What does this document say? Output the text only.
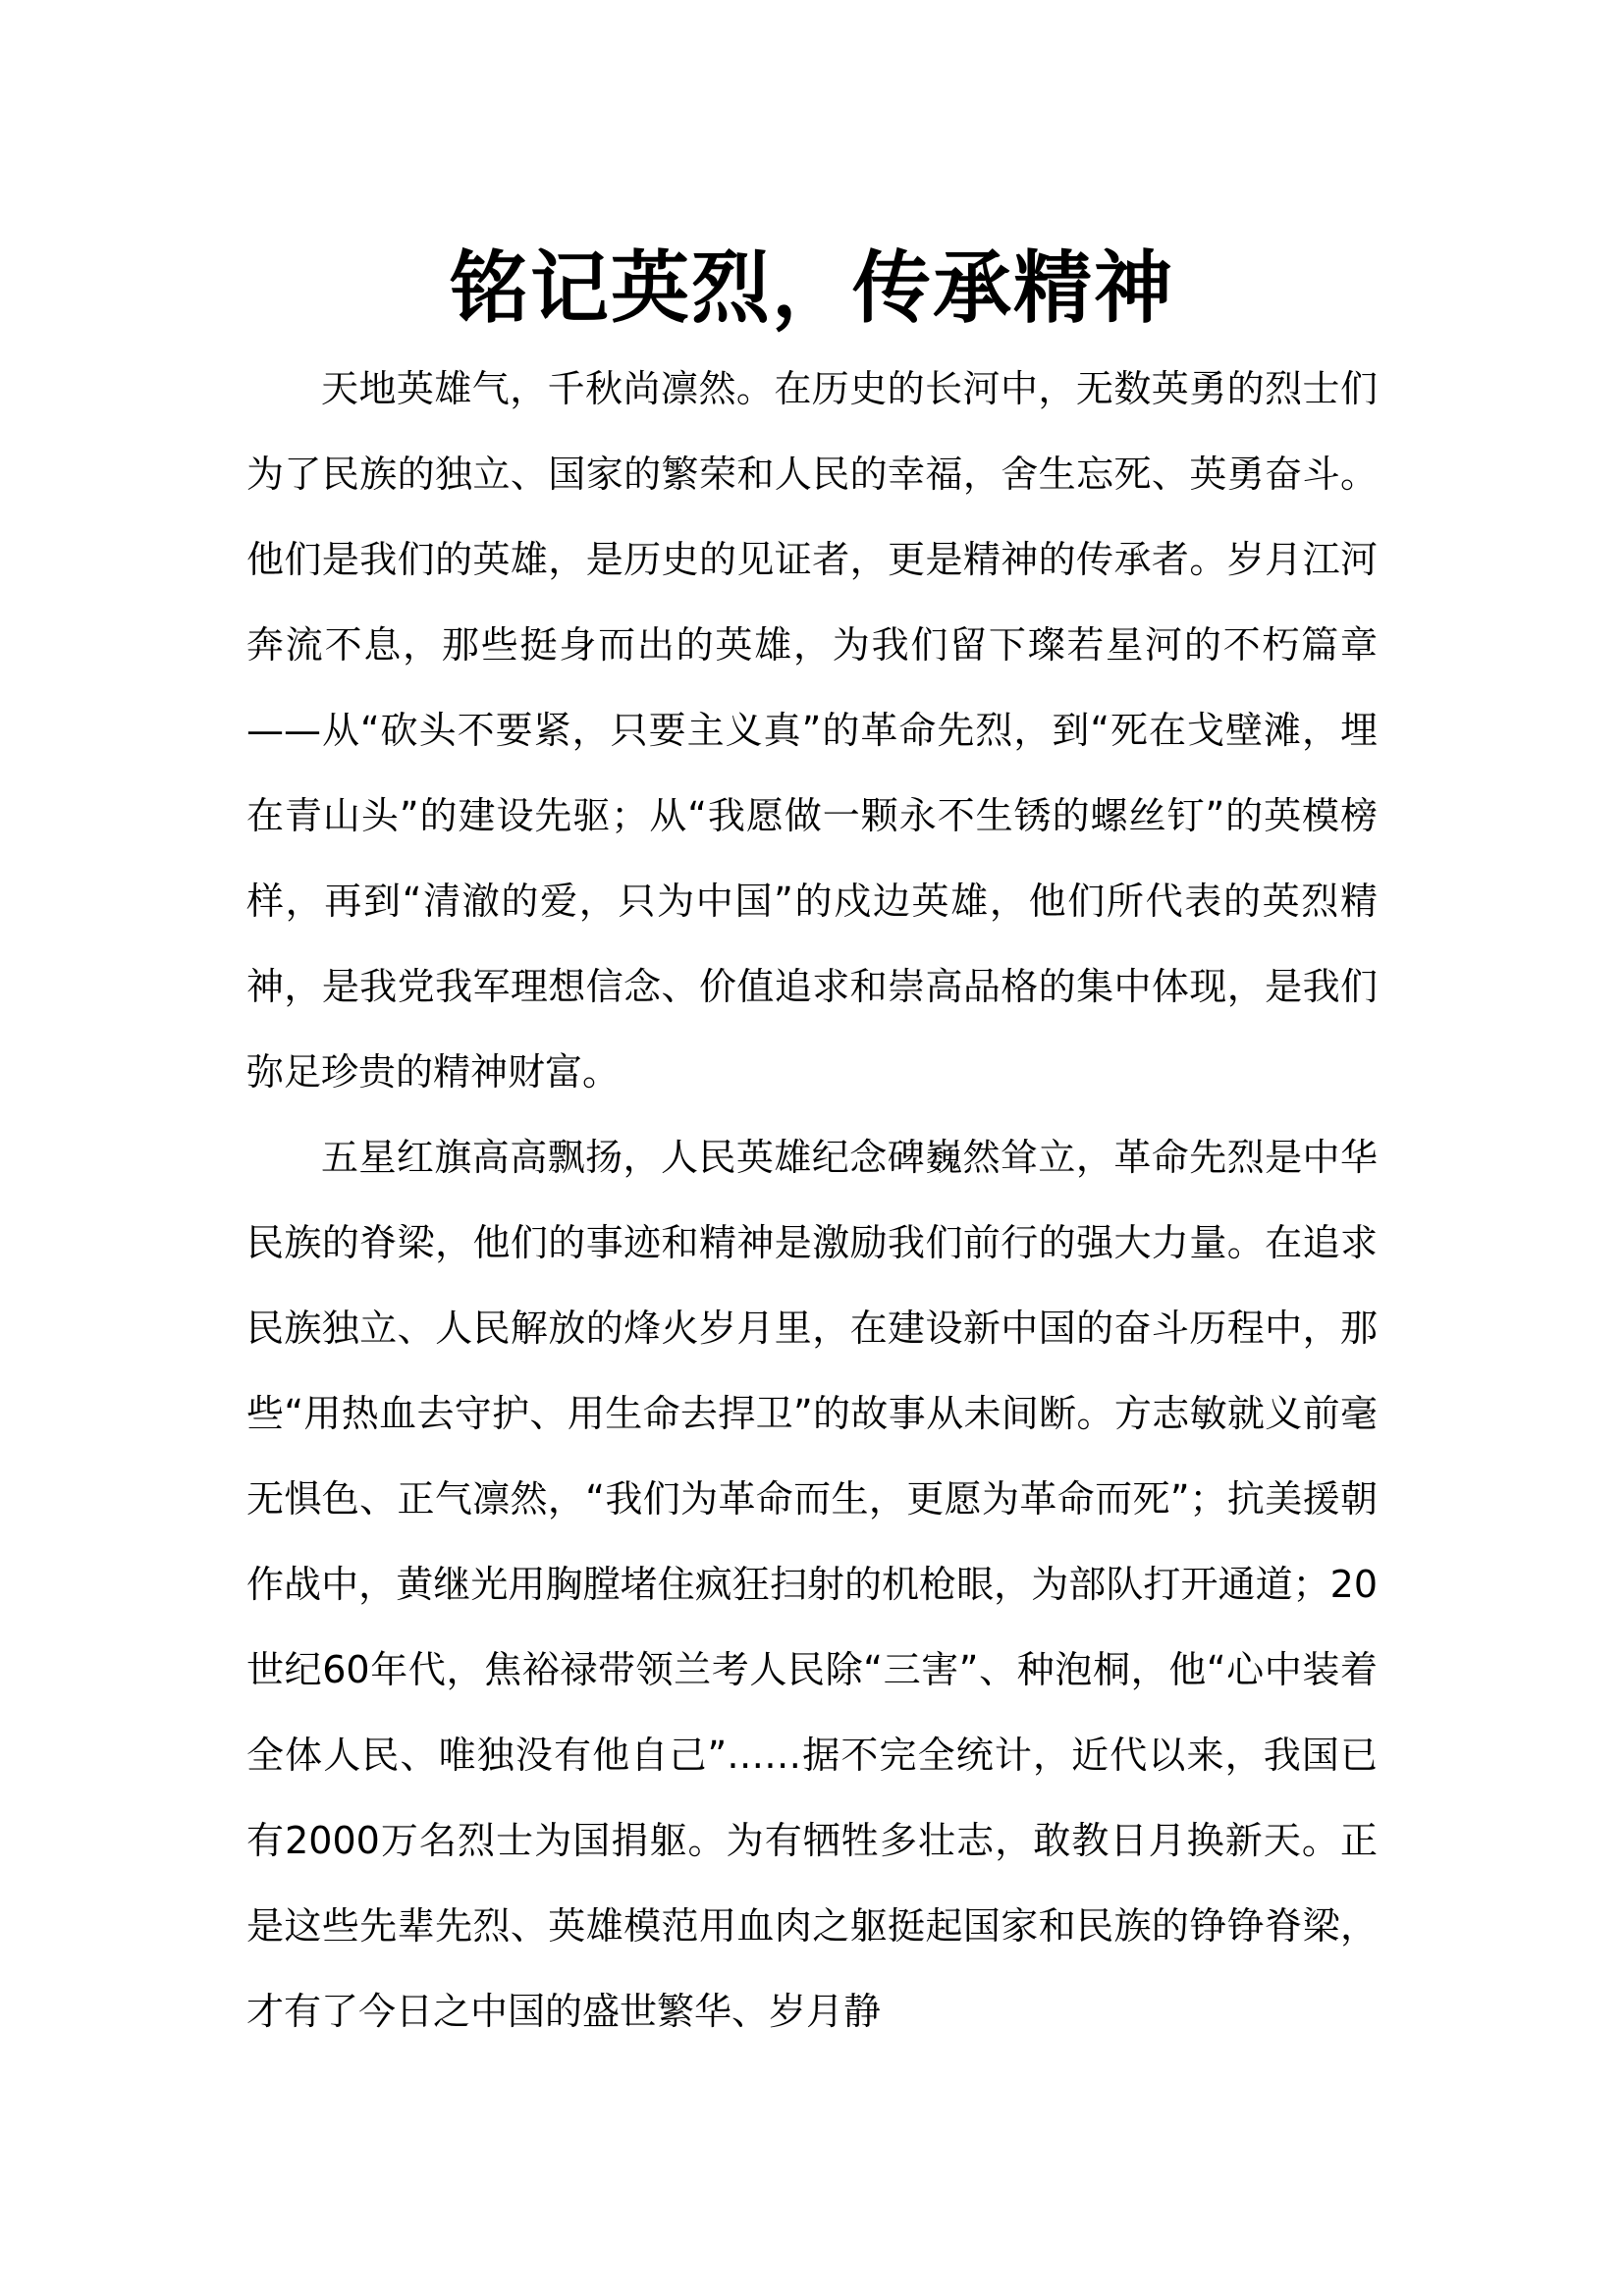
铭记英烈，传承精神

天地英雄气，千秋尚凛然。在历史的长河中，无数英勇的烈士们为了民族的独立、国家的繁荣和人民的幸福，舍生忘死、英勇奋斗。他们是我们的英雄，是历史的见证者，更是精神的传承者。岁月江河奔流不息，那些挺身而出的英雄，为我们留下璨若星河的不朽篇章——从“砍头不要紧，只要主义真”的革命先烈，到“死在戈壁滩，埋在青山头”的建设先驱；从“我愿做一颗永不生锈的螺丝钉”的英模榜样，再到“清澈的爱，只为中国”的戍边英雄，他们所代表的英烈精神，是我党我军理想信念、价值追求和崇高品格的集中体现，是我们弥足珍贵的精神财富。

五星红旗高高飘扬，人民英雄纪念碑巍然耸立，革命先烈是中华民族的脊梁，他们的事迹和精神是激励我们前行的强大力量。在追求民族独立、人民解放的烽火岁月里，在建设新中国的奋斗历程中，那些“用热血去守护、用生命去捍卫”的故事从未间断。方志敏就义前毫无惧色、正气凛然，“我们为革命而生，更愿为革命而死”；抗美援朝作战中，黄继光用胸膛堵住疯狂扫射的机枪眼，为部队打开通道；20世纪60年代，焦裕禄带领兰考人民除“三害”、种泡桐，他“心中装着全体人民、唯独没有他自己”……据不完全统计，近代以来，我国已有2000万名烈士为国捐躯。为有牺牲多壮志，敢教日月换新天。正是这些先辈先烈、英雄模范用血肉之躯挺起国家和民族的铮铮脊梁，才有了今日之中国的盛世繁华、岁月静
